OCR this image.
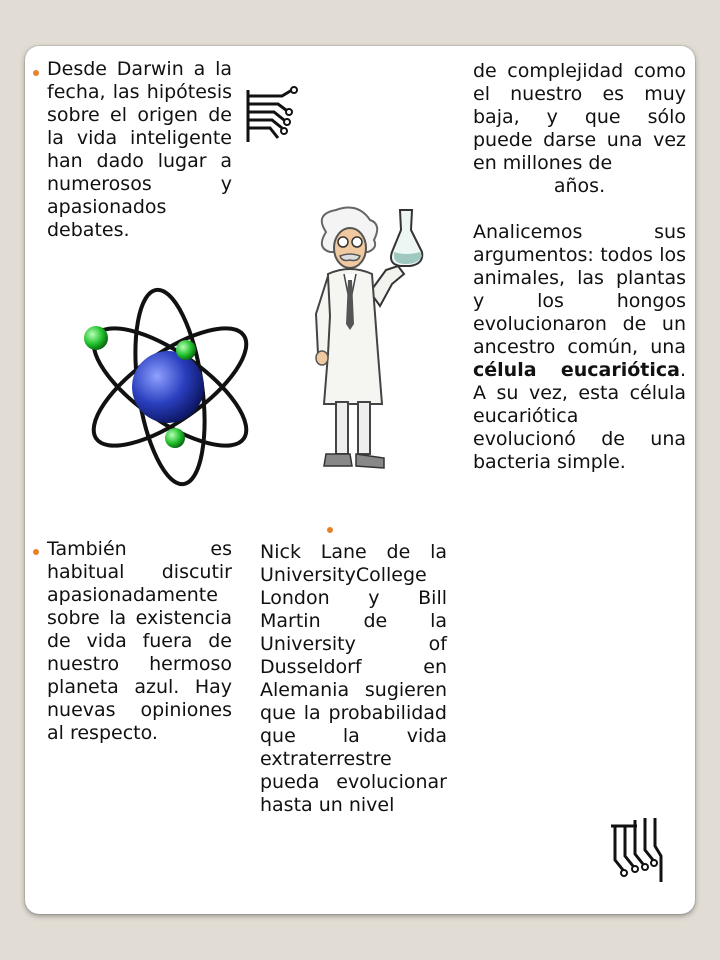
Desde Darwin a la fecha, las hipótesis sobre el origen de la vida inteligente han dado lugar a numerosos y apasionados debates.
de complejidad como el nuestro es muy baja, y que sólo puede darse una vez en millones de
años.
Analicemos sus argumentos: todos los animales, las plantas y los hongos evolucionaron de un ancestro común, una célula eucariótica. A su vez, esta célula eucariótica evolucionó de una bacteria simple.
También es habitual discutir apasionadamente sobre la existencia de vida fuera de nuestro hermoso planeta azul. Hay nuevas opiniones al respecto.
Nick Lane de la UniversityCollege London y Bill Martin de la University of Dusseldorf en Alemania sugieren que la probabilidad que la vida extraterrestre pueda evolucionar hasta un nivel
